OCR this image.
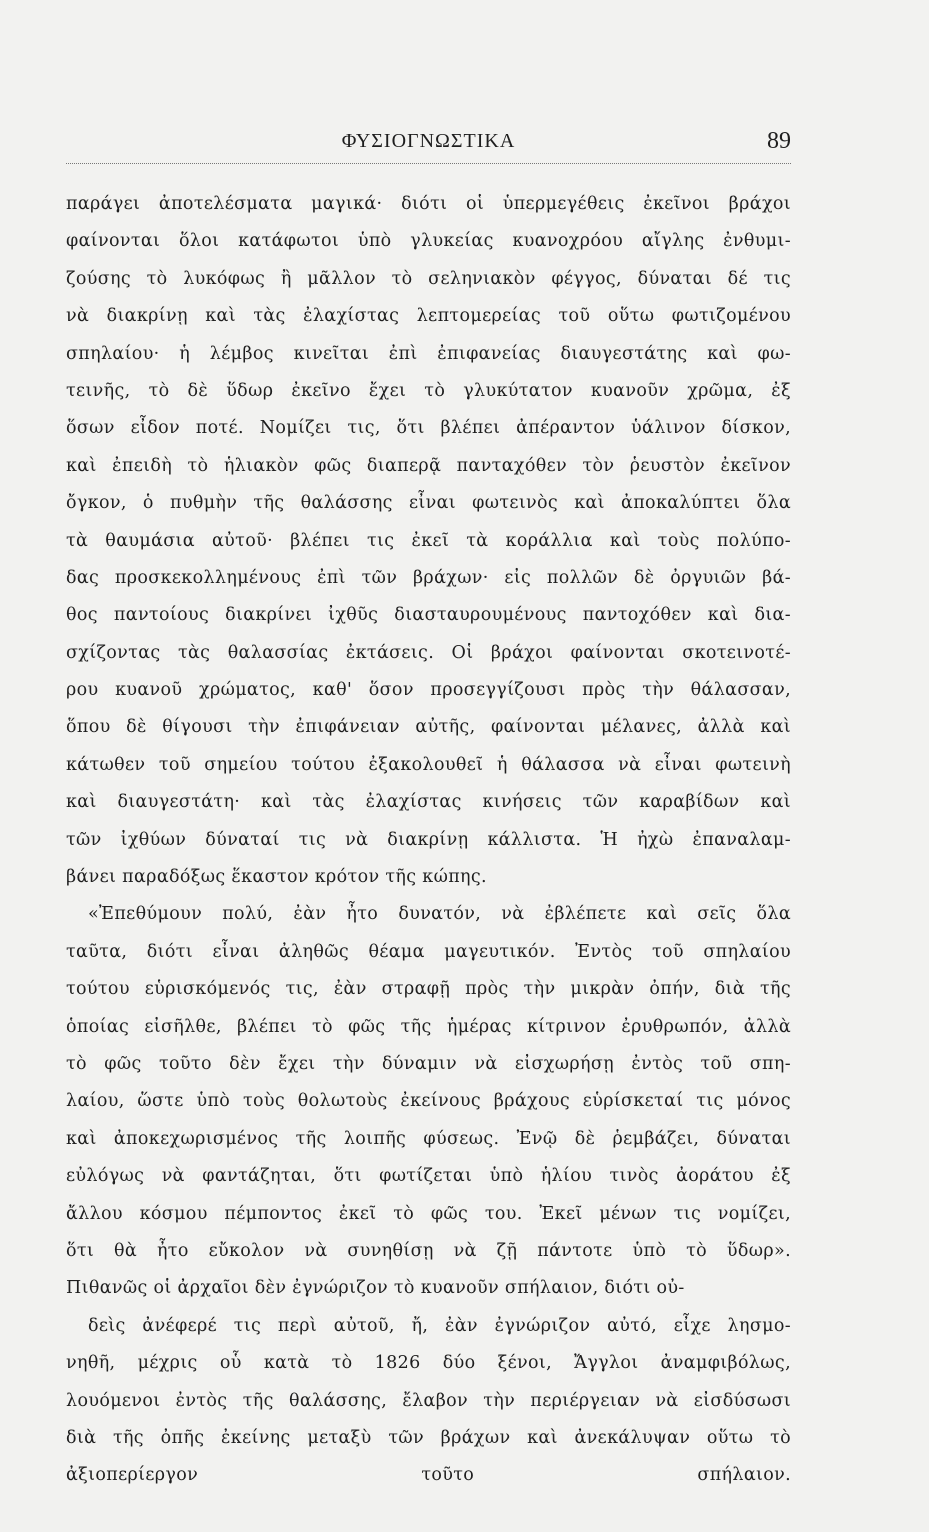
ΦΥΣΙΟΓΝΩΣΤΙΚΑ	89
παράγει ἀποτελέσματα μαγικά· διότι οἱ ὑπερμεγέθεις ἐκεῖνοι βράχοι
φαίνονται ὅλοι κατάφωτοι ὑπὸ γλυκείας κυανοχρόου αἴγλης ἐνθυμι-
ζούσης τὸ λυκόφως ἢ μᾶλλον τὸ σεληνιακὸν φέγγος, δύναται δέ τις
νὰ διακρίνῃ καὶ τὰς ἐλαχίστας λεπτομερείας τοῦ οὕτω φωτιζομένου
σπηλαίου· ἡ λέμβος κινεῖται ἐπὶ ἐπιφανείας διαυγεστάτης καὶ φω-
τεινῆς, τὸ δὲ ὕδωρ ἐκεῖνο ἔχει τὸ γλυκύτατον κυανοῦν χρῶμα, ἐξ
ὅσων εἶδον ποτέ. Νομίζει τις, ὅτι βλέπει ἀπέραντον ὑάλινον δίσκον,
καὶ ἐπειδὴ τὸ ἡλιακὸν φῶς διαπερᾷ πανταχόθεν τὸν ῥευστὸν ἐκεῖνον
ὄγκον, ὁ πυθμὴν τῆς θαλάσσης εἶναι φωτεινὸς καὶ ἀποκαλύπτει ὅλα
τὰ θαυμάσια αὐτοῦ· βλέπει τις ἐκεῖ τὰ κοράλλια καὶ τοὺς πολύπο-
δας προσκεκολλημένους ἐπὶ τῶν βράχων· εἰς πολλῶν δὲ ὀργυιῶν βά-
θος παντοίους διακρίνει ἰχθῦς διασταυρουμένους παντοχόθεν καὶ δια-
σχίζοντας τὰς θαλασσίας ἐκτάσεις. Οἱ βράχοι φαίνονται σκοτεινοτέ-
ρου κυανοῦ χρώματος, καθ' ὅσον προσεγγίζουσι πρὸς τὴν θάλασσαν,
ὅπου δὲ θίγουσι τὴν ἐπιφάνειαν αὐτῆς, φαίνονται μέλανες, ἀλλὰ καὶ
κάτωθεν τοῦ σημείου τούτου ἐξακολουθεῖ ἡ θάλασσα νὰ εἶναι φωτεινὴ
καὶ διαυγεστάτη· καὶ τὰς ἐλαχίστας κινήσεις τῶν καραβίδων καὶ
τῶν ἰχθύων δύναταί τις νὰ διακρίνῃ κάλλιστα. Ἡ ἠχὼ ἐπαναλαμ-
βάνει παραδόξως ἕκαστον κρότον τῆς κώπης.
«Ἐπεθύμουν πολύ, ἐὰν ἦτο δυνατόν, νὰ ἐβλέπετε καὶ σεῖς ὅλα
ταῦτα, διότι εἶναι ἀληθῶς θέαμα μαγευτικόν. Ἐντὸς τοῦ σπηλαίου
τούτου εὑρισκόμενός τις, ἐὰν στραφῇ πρὸς τὴν μικρὰν ὀπήν, διὰ τῆς
ὁποίας εἰσῆλθε, βλέπει τὸ φῶς τῆς ἡμέρας κίτρινον ἐρυθρωπόν, ἀλλὰ
τὸ φῶς τοῦτο δὲν ἔχει τὴν δύναμιν νὰ εἰσχωρήσῃ ἐντὸς τοῦ σπη-
λαίου, ὥστε ὑπὸ τοὺς θολωτοὺς ἐκείνους βράχους εὑρίσκεταί τις μόνος
καὶ ἀποκεχωρισμένος τῆς λοιπῆς φύσεως. Ἐνῷ δὲ ῥεμβάζει, δύναται
εὐλόγως νὰ φαντάζηται, ὅτι φωτίζεται ὑπὸ ἡλίου τινὸς ἀοράτου ἐξ
ἄλλου κόσμου πέμποντος ἐκεῖ τὸ φῶς του. Ἐκεῖ μένων τις νομίζει,
ὅτι θὰ ἦτο εὔκολον νὰ συνηθίσῃ νὰ ζῇ πάντοτε ὑπὸ τὸ ὕδωρ».
Πιθανῶς οἱ ἀρχαῖοι δὲν ἐγνώριζον τὸ κυανοῦν σπήλαιον, διότι οὐ-
δεὶς ἀνέφερέ τις περὶ αὐτοῦ, ἤ, ἐὰν ἐγνώριζον αὐτό, εἶχε λησμο-
νηθῆ, μέχρις οὗ κατὰ τὸ 1826 δύο ξένοι, Ἄγγλοι ἀναμφιβόλως,
λουόμενοι ἐντὸς τῆς θαλάσσης, ἔλαβον τὴν περιέργειαν νὰ εἰσδύσωσι
διὰ τῆς ὀπῆς ἐκείνης μεταξὺ τῶν βράχων καὶ ἀνεκάλυψαν οὕτω τὸ
ἀξιοπερίεργον τοῦτο σπήλαιον.
